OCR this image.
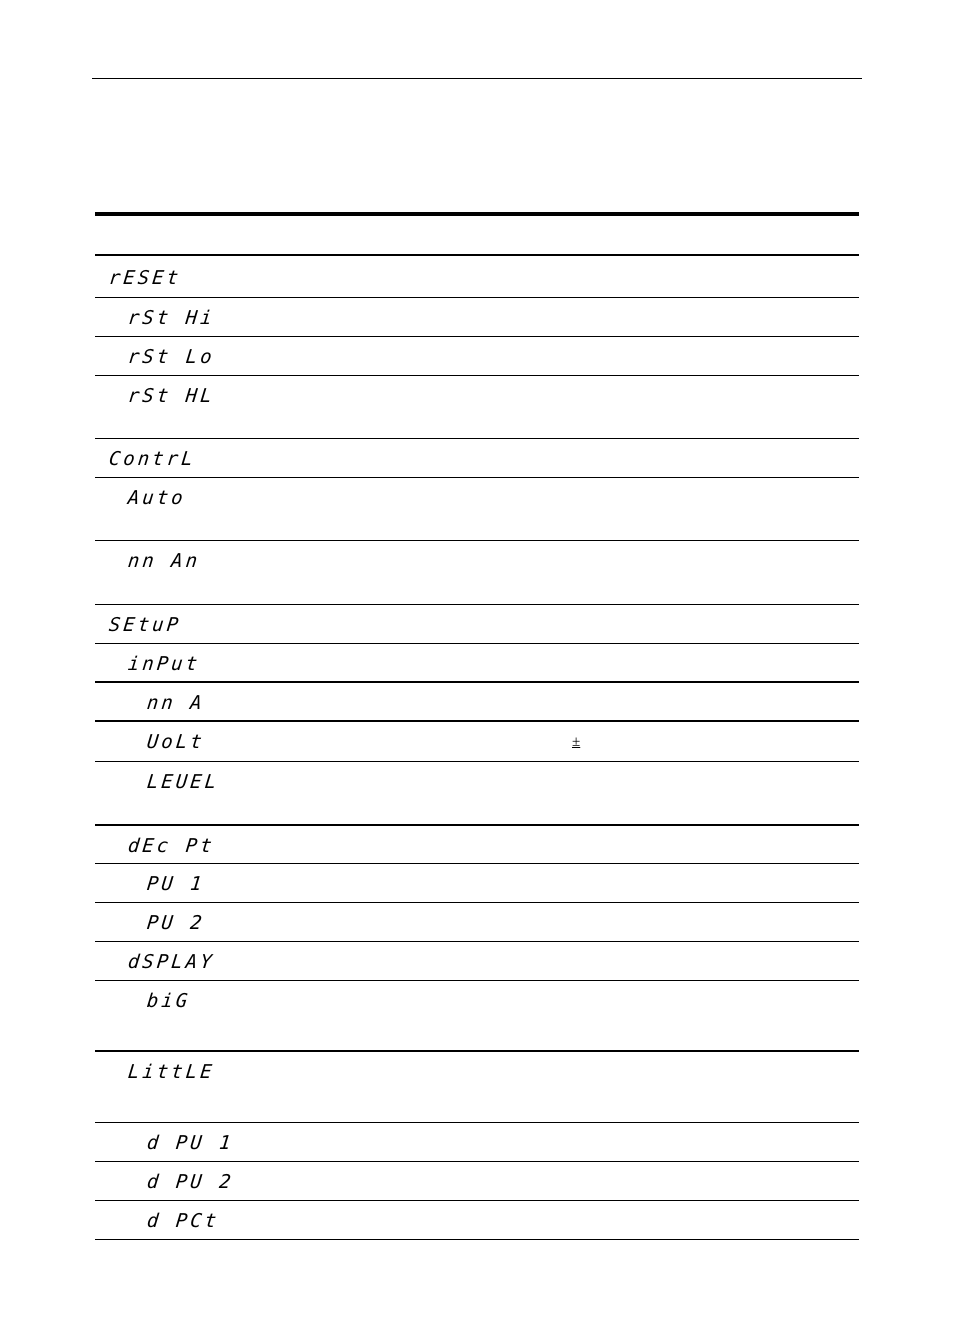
rESEt
rSt Hi
rSt Lo
rSt HL
ContrL
Auto
nn An
SEtuP
inPut
nn A
UoLt	±
LEUEL
dEc Pt
PU 1
PU 2
dSPLAY
biG
LittLE
d PU 1
d PU 2
d PCt
